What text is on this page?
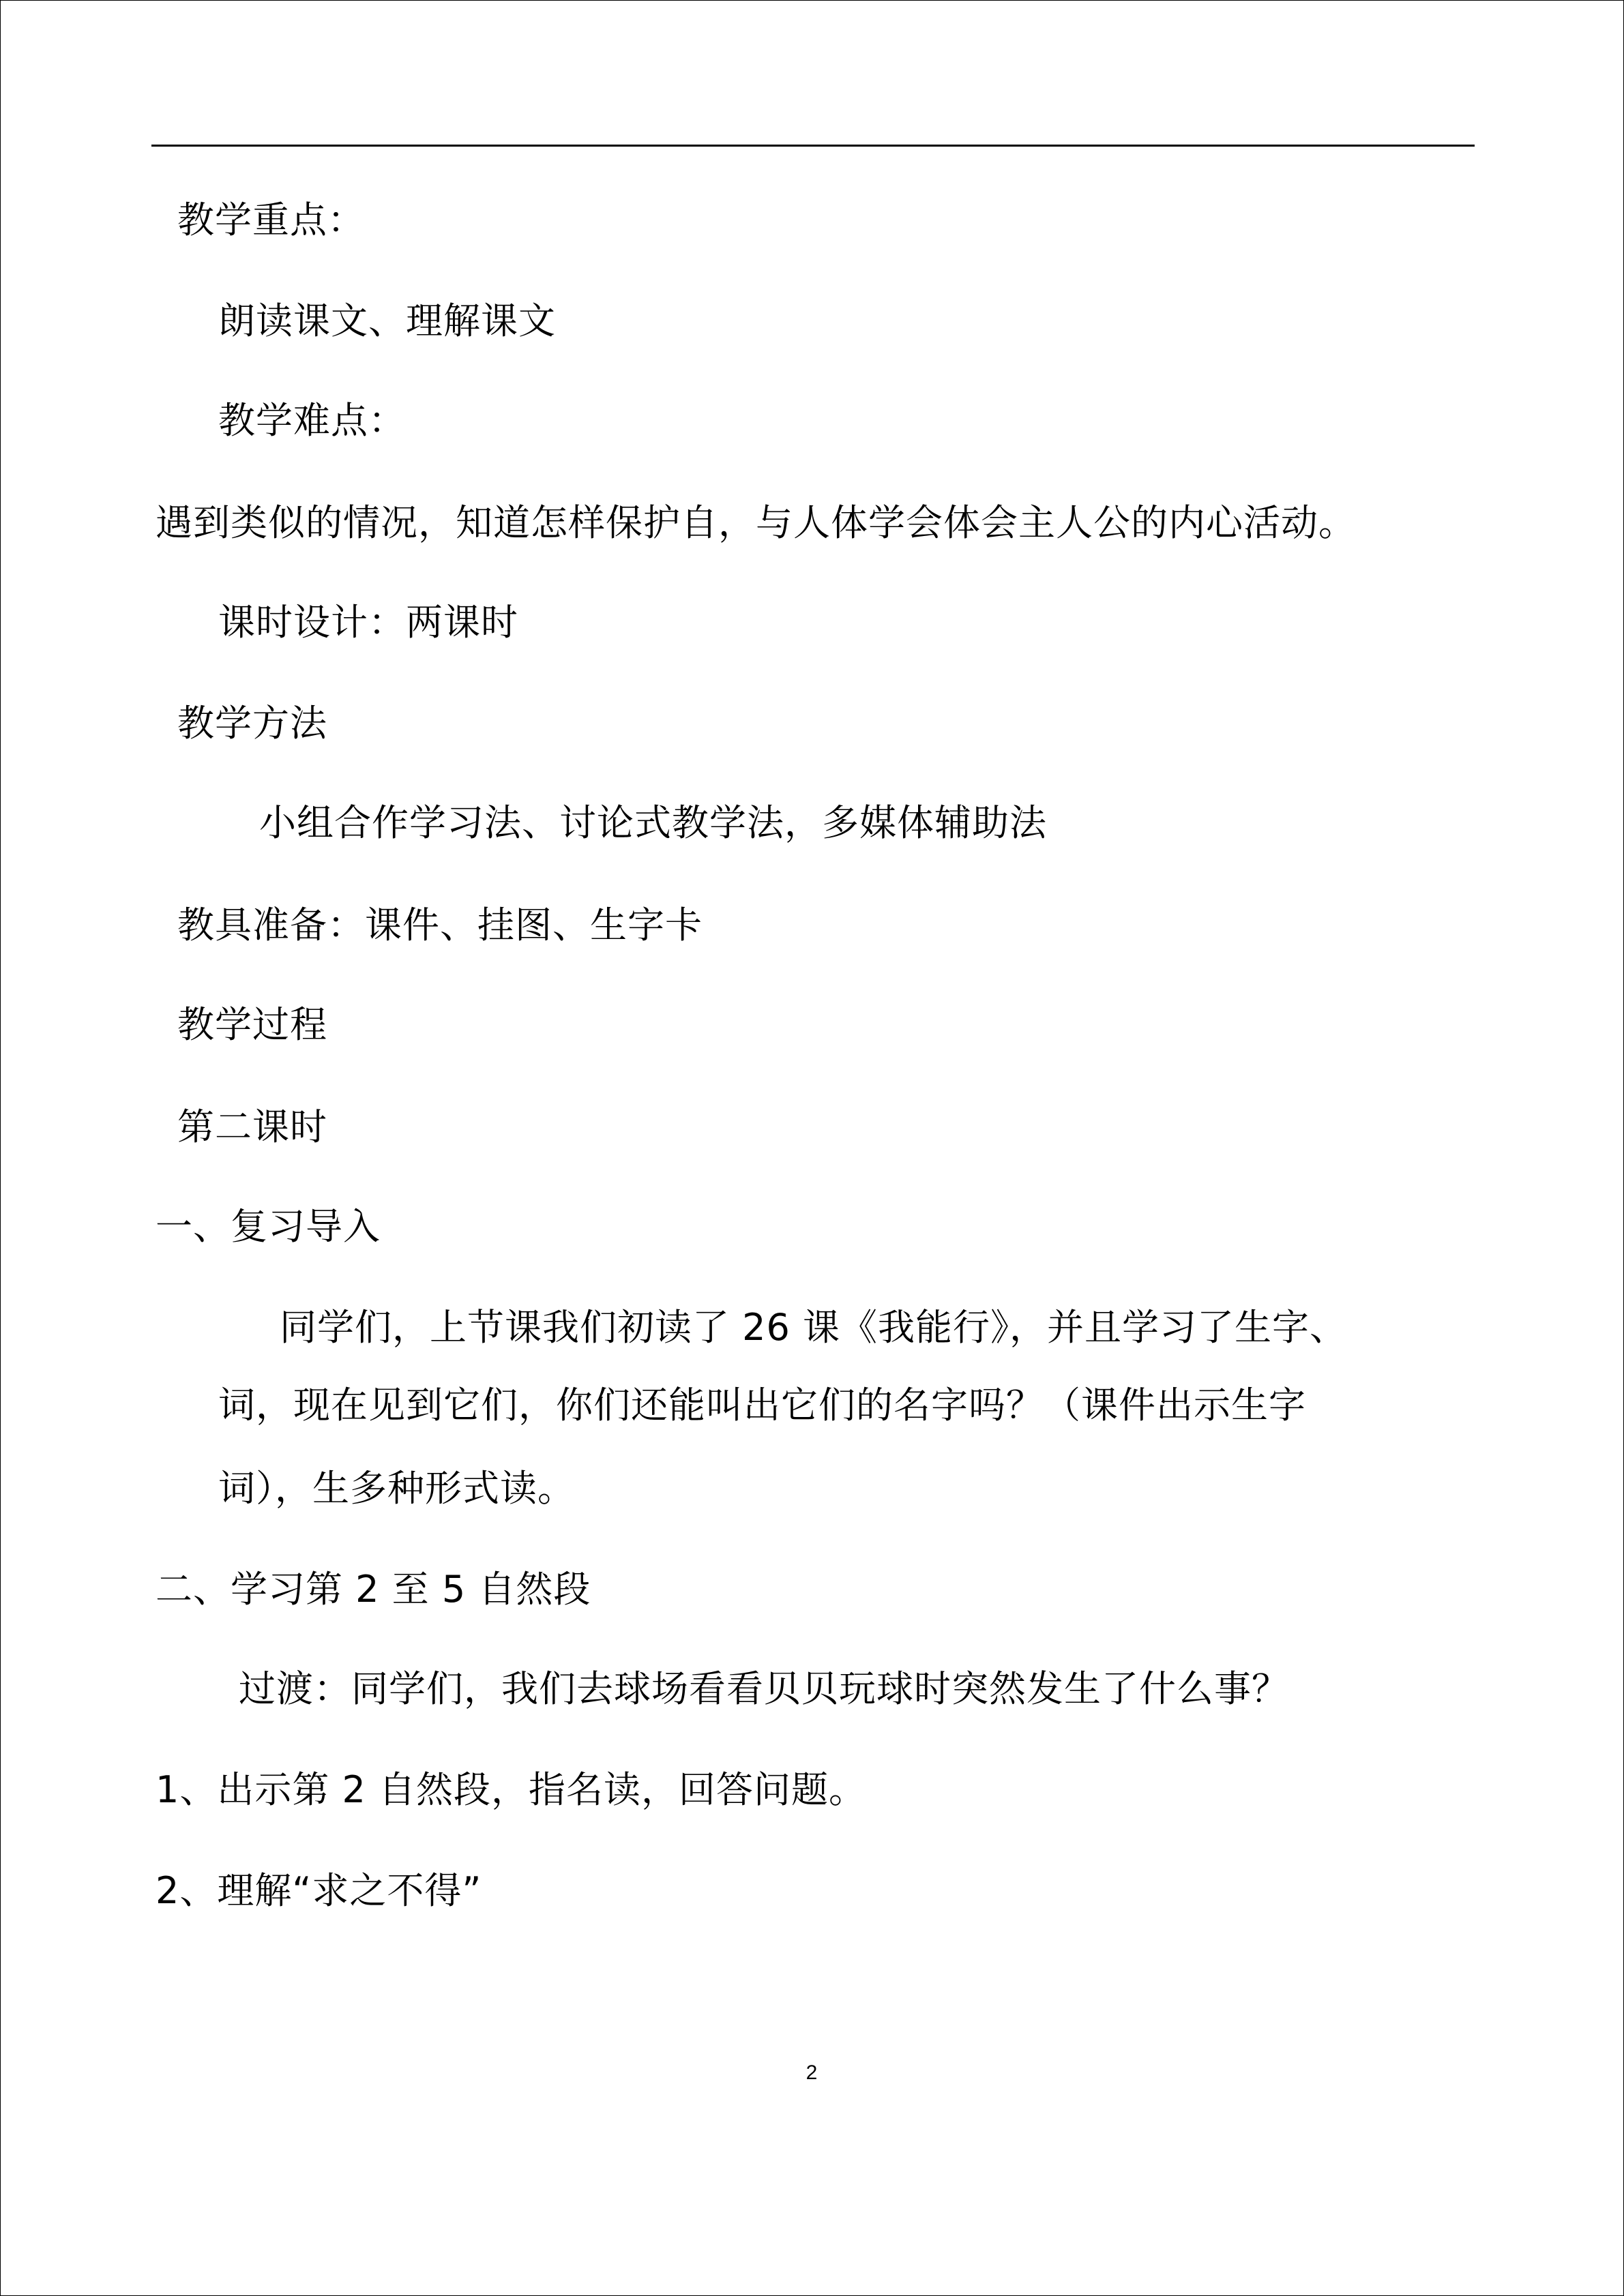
教学重点：
朗读课文、理解课文
教学难点：
遇到类似的情况，知道怎样保护自，与人体学会体会主人公的内心活动。
课时设计：两课时
教学方法
小组合作学习法、讨论式教学法，多媒体辅助法
教具准备：课件、挂图、生字卡
教学过程
第二课时
一、复习导入
同学们，上节课我们初读了 26 课《我能行》，并且学习了生字、
词，现在见到它们，你们还能叫出它们的名字吗？（课件出示生字
词），生多种形式读。
二、学习第 2 至 5 自然段
过渡：同学们，我们去球场看看贝贝玩球时突然发生了什么事？
1、出示第 2 自然段，指名读，回答问题。
2、理解“求之不得”
2
